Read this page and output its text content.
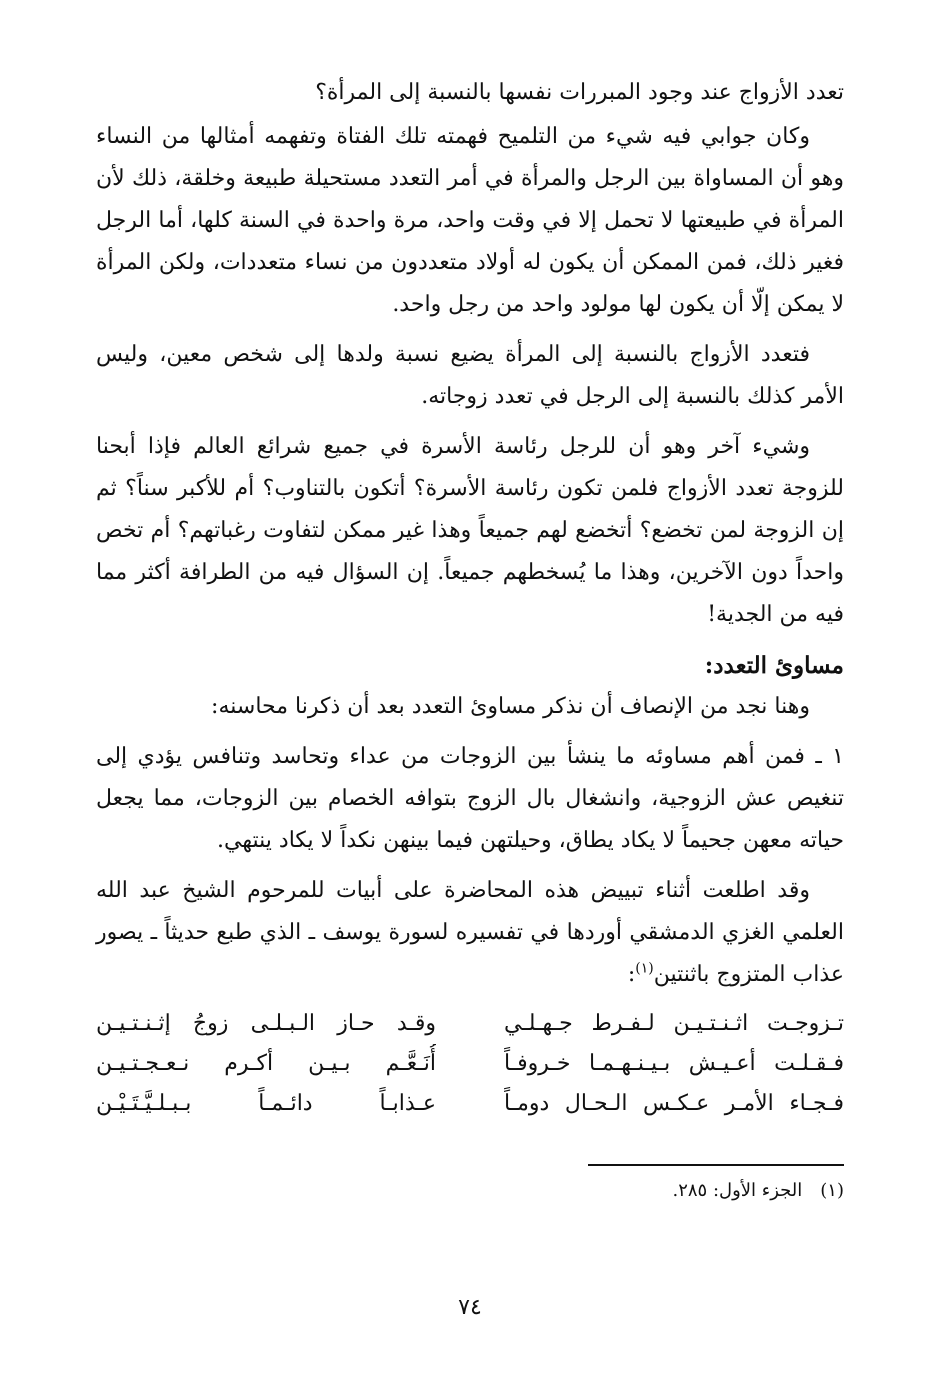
تعدد الأزواج عند وجود المبررات نفسها بالنسبة إلى المرأة؟

وكان جوابي فيه شيء من التلميح فهمته تلك الفتاة وتفهمه أمثالها من النساء وهو أن المساواة بين الرجل والمرأة في أمر التعدد مستحيلة طبيعة وخلقة، ذلك لأن المرأة في طبيعتها لا تحمل إلا في وقت واحد، مرة واحدة في السنة كلها، أما الرجل فغير ذلك، فمن الممكن أن يكون له أولاد متعددون من نساء متعددات، ولكن المرأة لا يمكن إلّا أن يكون لها مولود واحد من رجل واحد.

فتعدد الأزواج بالنسبة إلى المرأة يضيع نسبة ولدها إلى شخص معين، وليس الأمر كذلك بالنسبة إلى الرجل في تعدد زوجاته.

وشيء آخر وهو أن للرجل رئاسة الأسرة في جميع شرائع العالم فإذا أبحنا للزوجة تعدد الأزواج فلمن تكون رئاسة الأسرة؟ أتكون بالتناوب؟ أم للأكبر سناً؟ ثم إن الزوجة لمن تخضع؟ أتخضع لهم جميعاً وهذا غير ممكن لتفاوت رغباتهم؟ أم تخص واحداً دون الآخرين، وهذا ما يُسخطهم جميعاً. إن السؤال فيه من الطرافة أكثر مما فيه من الجدية!

مساوئ التعدد:

وهنا نجد من الإنصاف أن نذكر مساوئ التعدد بعد أن ذكرنا محاسنه:

١ ـ فمن أهم مساوئه ما ينشأ بين الزوجات من عداء وتحاسد وتنافس يؤدي إلى تنغيص عش الزوجية، وانشغال بال الزوج بتوافه الخصام بين الزوجات، مما يجعل حياته معهن جحيماً لا يكاد يطاق، وحيلتهن فيما بينهن نكداً لا يكاد ينتهي.

وقد اطلعت أثناء تبييض هذه المحاضرة على أبيات للمرحوم الشيخ عبد الله العلمي الغزي الدمشقي أوردها في تفسيره لسورة يوسف ـ الذي طبع حديثاً ـ يصور عذاب المتزوج باثنتين$^{(١)}$:

تـزوجـت اثـنـتـيـن لـفـرط جـهـلـي
وقـد حـاز الـبـلـى زوجُ إثـنـتـيـن
فـقـلـت أعـيـش بـيـنـهـمـا خـروفـاً
أُنَـعَّـم بـيـن أكـرم نـعـجـتـيـن
فـجـاء الأمـر عـكـس الـحـال دومـاً
عـذابـاً دائـمـاً بـبـلـيَّـتَـيْـن
(١)الجزء الأول: ٢٨٥.
٧٤
